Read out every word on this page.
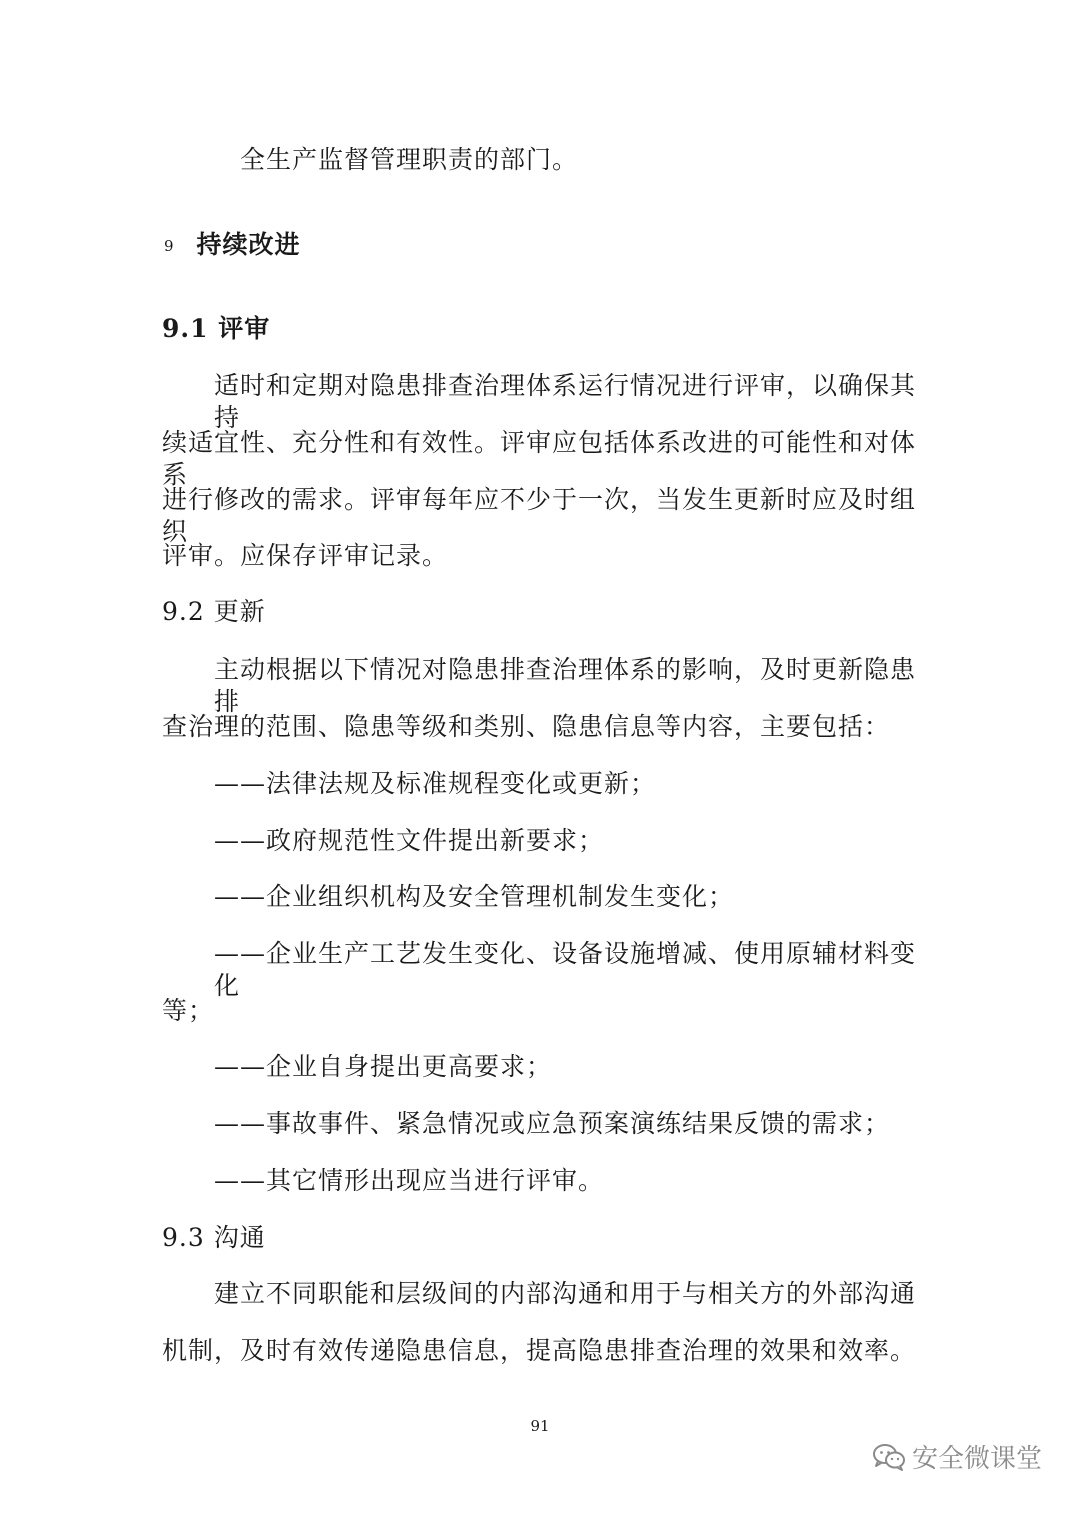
全生产监督管理职责的部门。
9 持续改进
9.1 评审
适时和定期对隐患排查治理体系运行情况进行评审，以确保其持
续适宜性、充分性和有效性。评审应包括体系改进的可能性和对体系
进行修改的需求。评审每年应不少于一次，当发生更新时应及时组织
评审。应保存评审记录。
9.2 更新
主动根据以下情况对隐患排查治理体系的影响，及时更新隐患排
查治理的范围、隐患等级和类别、隐患信息等内容，主要包括：
——法律法规及标准规程变化或更新；
——政府规范性文件提出新要求；
——企业组织机构及安全管理机制发生变化；
——企业生产工艺发生变化、设备设施增减、使用原辅材料变化
等；
——企业自身提出更高要求；
——事故事件、紧急情况或应急预案演练结果反馈的需求；
——其它情形出现应当进行评审。
9.3 沟通
建立不同职能和层级间的内部沟通和用于与相关方的外部沟通
机制，及时有效传递隐患信息，提高隐患排查治理的效果和效率。
91
安全微课堂
